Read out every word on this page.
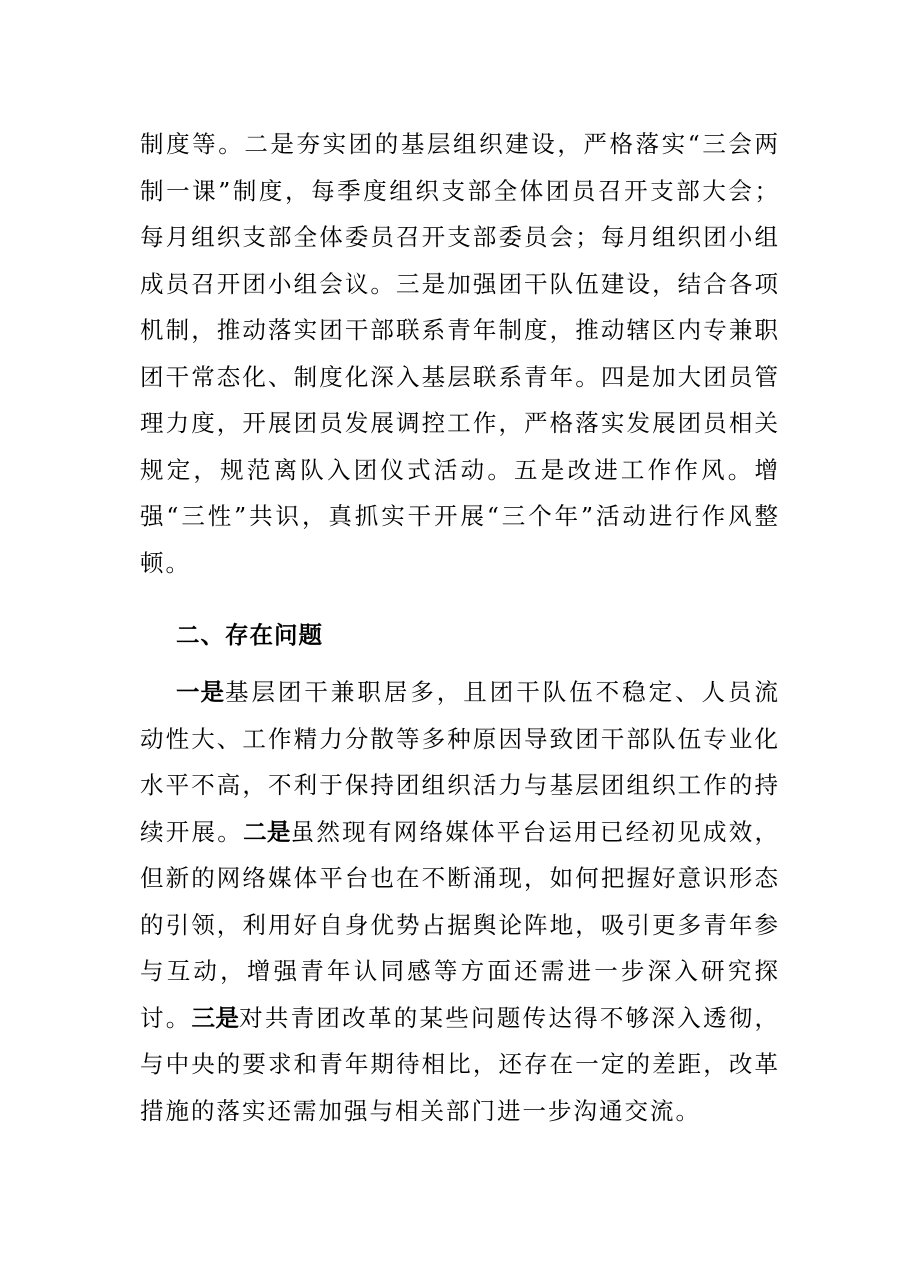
制度等。二是夯实团的基层组织建设，严格落实“三会两制一课”制度，每季度组织支部全体团员召开支部大会；每月组织支部全体委员召开支部委员会；每月组织团小组成员召开团小组会议。三是加强团干队伍建设，结合各项机制，推动落实团干部联系青年制度，推动辖区内专兼职团干常态化、制度化深入基层联系青年。四是加大团员管理力度，开展团员发展调控工作，严格落实发展团员相关规定，规范离队入团仪式活动。五是改进工作作风。增强“三性”共识，真抓实干开展“三个年”活动进行作风整顿。

二、存在问题

一是基层团干兼职居多，且团干队伍不稳定、人员流动性大、工作精力分散等多种原因导致团干部队伍专业化水平不高，不利于保持团组织活力与基层团组织工作的持续开展。二是虽然现有网络媒体平台运用已经初见成效，但新的网络媒体平台也在不断涌现，如何把握好意识形态的引领，利用好自身优势占据舆论阵地，吸引更多青年参与互动，增强青年认同感等方面还需进一步深入研究探讨。三是对共青团改革的某些问题传达得不够深入透彻，与中央的要求和青年期待相比，还存在一定的差距，改革措施的落实还需加强与相关部门进一步沟通交流。
